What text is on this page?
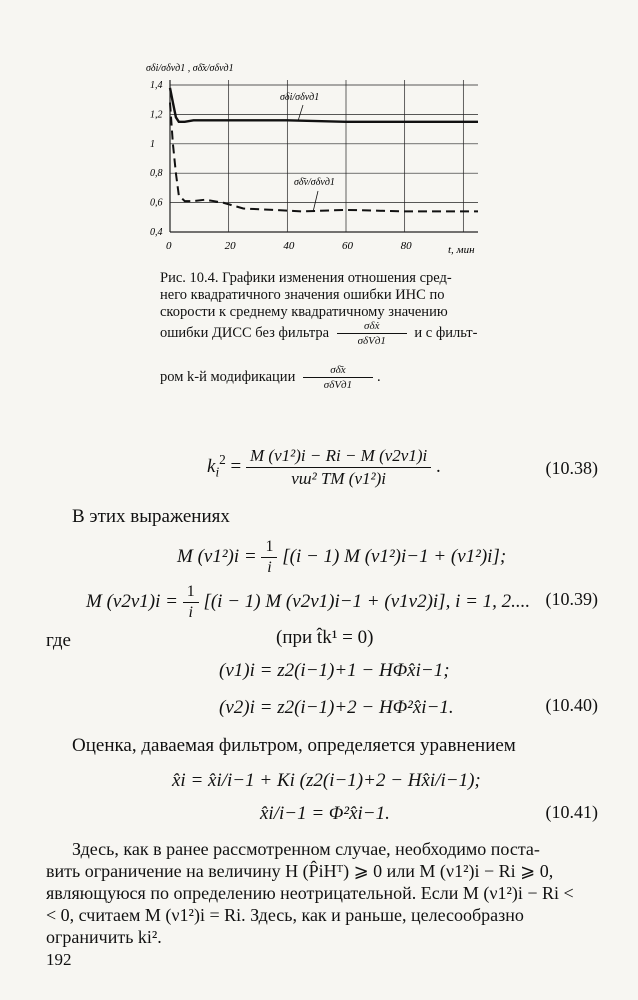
σδi/σδvд1 , σδ͂x/σδvд1
1,4
1,2
1
0,8
0,6
0,4
0	20	40	60	80	t, мин
σδi/σδvд1
σδ͂v/σδvд1
Рис. 10.4. Графики изменения отношения сред-
него квадратичного значения ошибки ИНС по
скорости к среднему квадратичному значению
ошибки ДИСС без фильтра $\frac{\text{σδẋ}}{\text{σδVд1}}$ и с фильт-
ром k-й модификации $\frac{\sigma\delta͂x}{\text{σδVд1}}$ .
$k_i^2 = \frac{\text{M (ν1²)i − Ri − M (ν2ν1)i}}{\text{νш² TM (ν1²)i}}$ .	(10.38)
В этих выражениях
M $(\nu 1^2)i = \frac{1}{i} [(i - 1)$ M (ν1²)i−1 + (ν1²)i];
M $(\nu 2\nu 1)i = \frac{1}{i} [(i - 1)$ M (ν2ν1)i−1 + (ν1ν2)i], i = 1, 2.... (10.39)
где	(при t̂k¹ = 0)
(ν1)i = z2(i−1)+1 − HΦx̂i−1;
(ν2)i = z2(i−1)+2 − HΦ²x̂i−1.	(10.40)
Оценка, даваемая фильтром, определяется уравнением
x̂i = x̂i/i−1 + Ki (z2(i−1)+2 − Hx̂i/i−1);
x̂i/i−1 = Φ²x̂i−1.	(10.41)
Здесь, как в ранее рассмотренном случае, необходимо поста-
вить ограничение на величину H (P̂iHᵀ) ⩾ 0 или M (ν1²)i − Ri ⩾ 0,
являющуюся по определению неотрицательной. Если M (ν1²)i − Ri <
< 0, считаем M (ν1²)i = Ri. Здесь, как и раньше, целесообразно
ограничить ki².
192
